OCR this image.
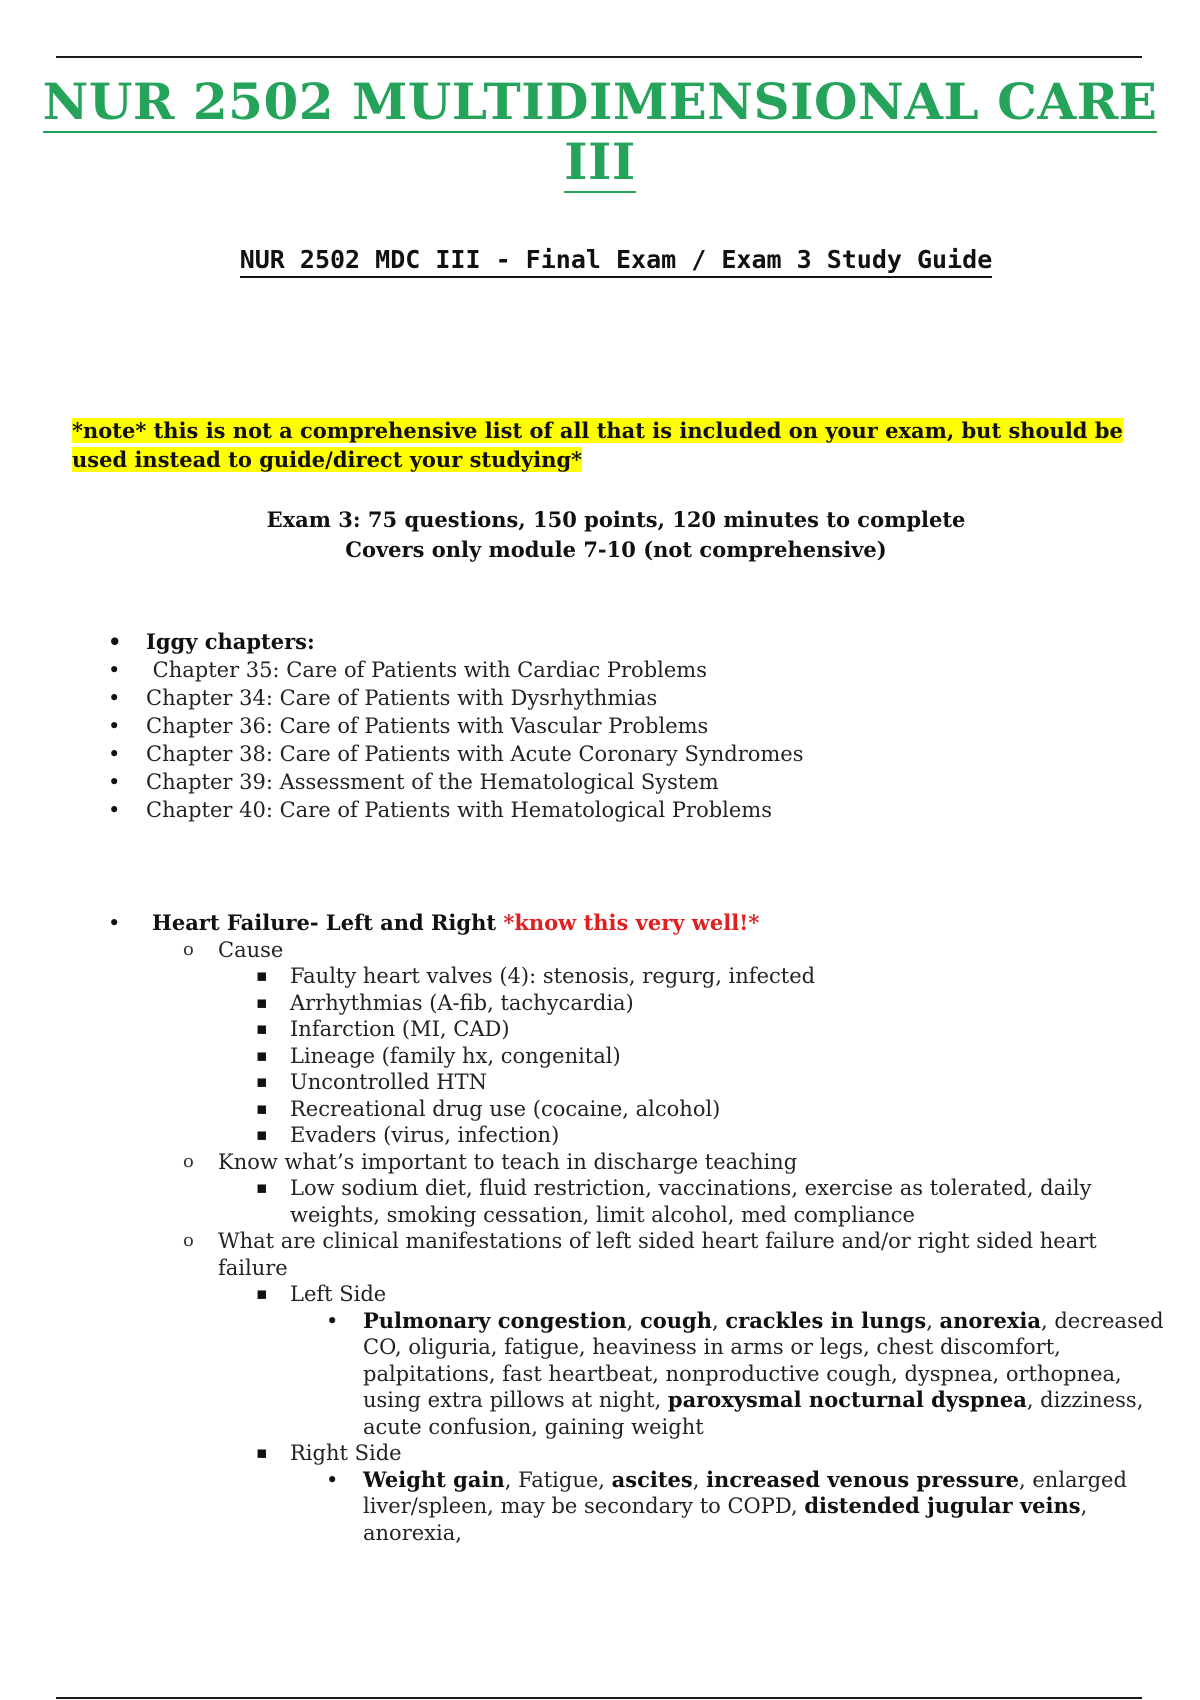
NUR 2502 MULTIDIMENSIONAL CARE III
NUR 2502 MDC III - Final Exam / Exam 3 Study Guide
*note* this is not a comprehensive list of all that is included on your exam, but should be used instead to guide/direct your studying*
Exam 3: 75 questions, 150 points, 120 minutes to complete
Covers only module 7-10 (not comprehensive)
• Iggy chapters:
•  Chapter 35: Care of Patients with Cardiac Problems
• Chapter 34: Care of Patients with Dysrhythmias
• Chapter 36: Care of Patients with Vascular Problems
• Chapter 38: Care of Patients with Acute Coronary Syndromes
• Chapter 39: Assessment of the Hematological System
• Chapter 40: Care of Patients with Hematological Problems
• Heart Failure- Left and Right *know this very well!*
o Cause
▪ Faulty heart valves (4): stenosis, regurg, infected
▪ Arrhythmias (A-fib, tachycardia)
▪ Infarction (MI, CAD)
▪ Lineage (family hx, congenital)
▪ Uncontrolled HTN
▪ Recreational drug use (cocaine, alcohol)
▪ Evaders (virus, infection)
o Know what’s important to teach in discharge teaching
▪ Low sodium diet, fluid restriction, vaccinations, exercise as tolerated, daily weights, smoking cessation, limit alcohol, med compliance
o What are clinical manifestations of left sided heart failure and/or right sided heart failure
▪ Left Side
• Pulmonary congestion, cough, crackles in lungs, anorexia, decreased CO, oliguria, fatigue, heaviness in arms or legs, chest discomfort, palpitations, fast heartbeat, nonproductive cough, dyspnea, orthopnea, using extra pillows at night, paroxysmal nocturnal dyspnea, dizziness, acute confusion, gaining weight
▪ Right Side
• Weight gain, Fatigue, ascites, increased venous pressure, enlarged liver/spleen, may be secondary to COPD, distended jugular veins, anorexia,
